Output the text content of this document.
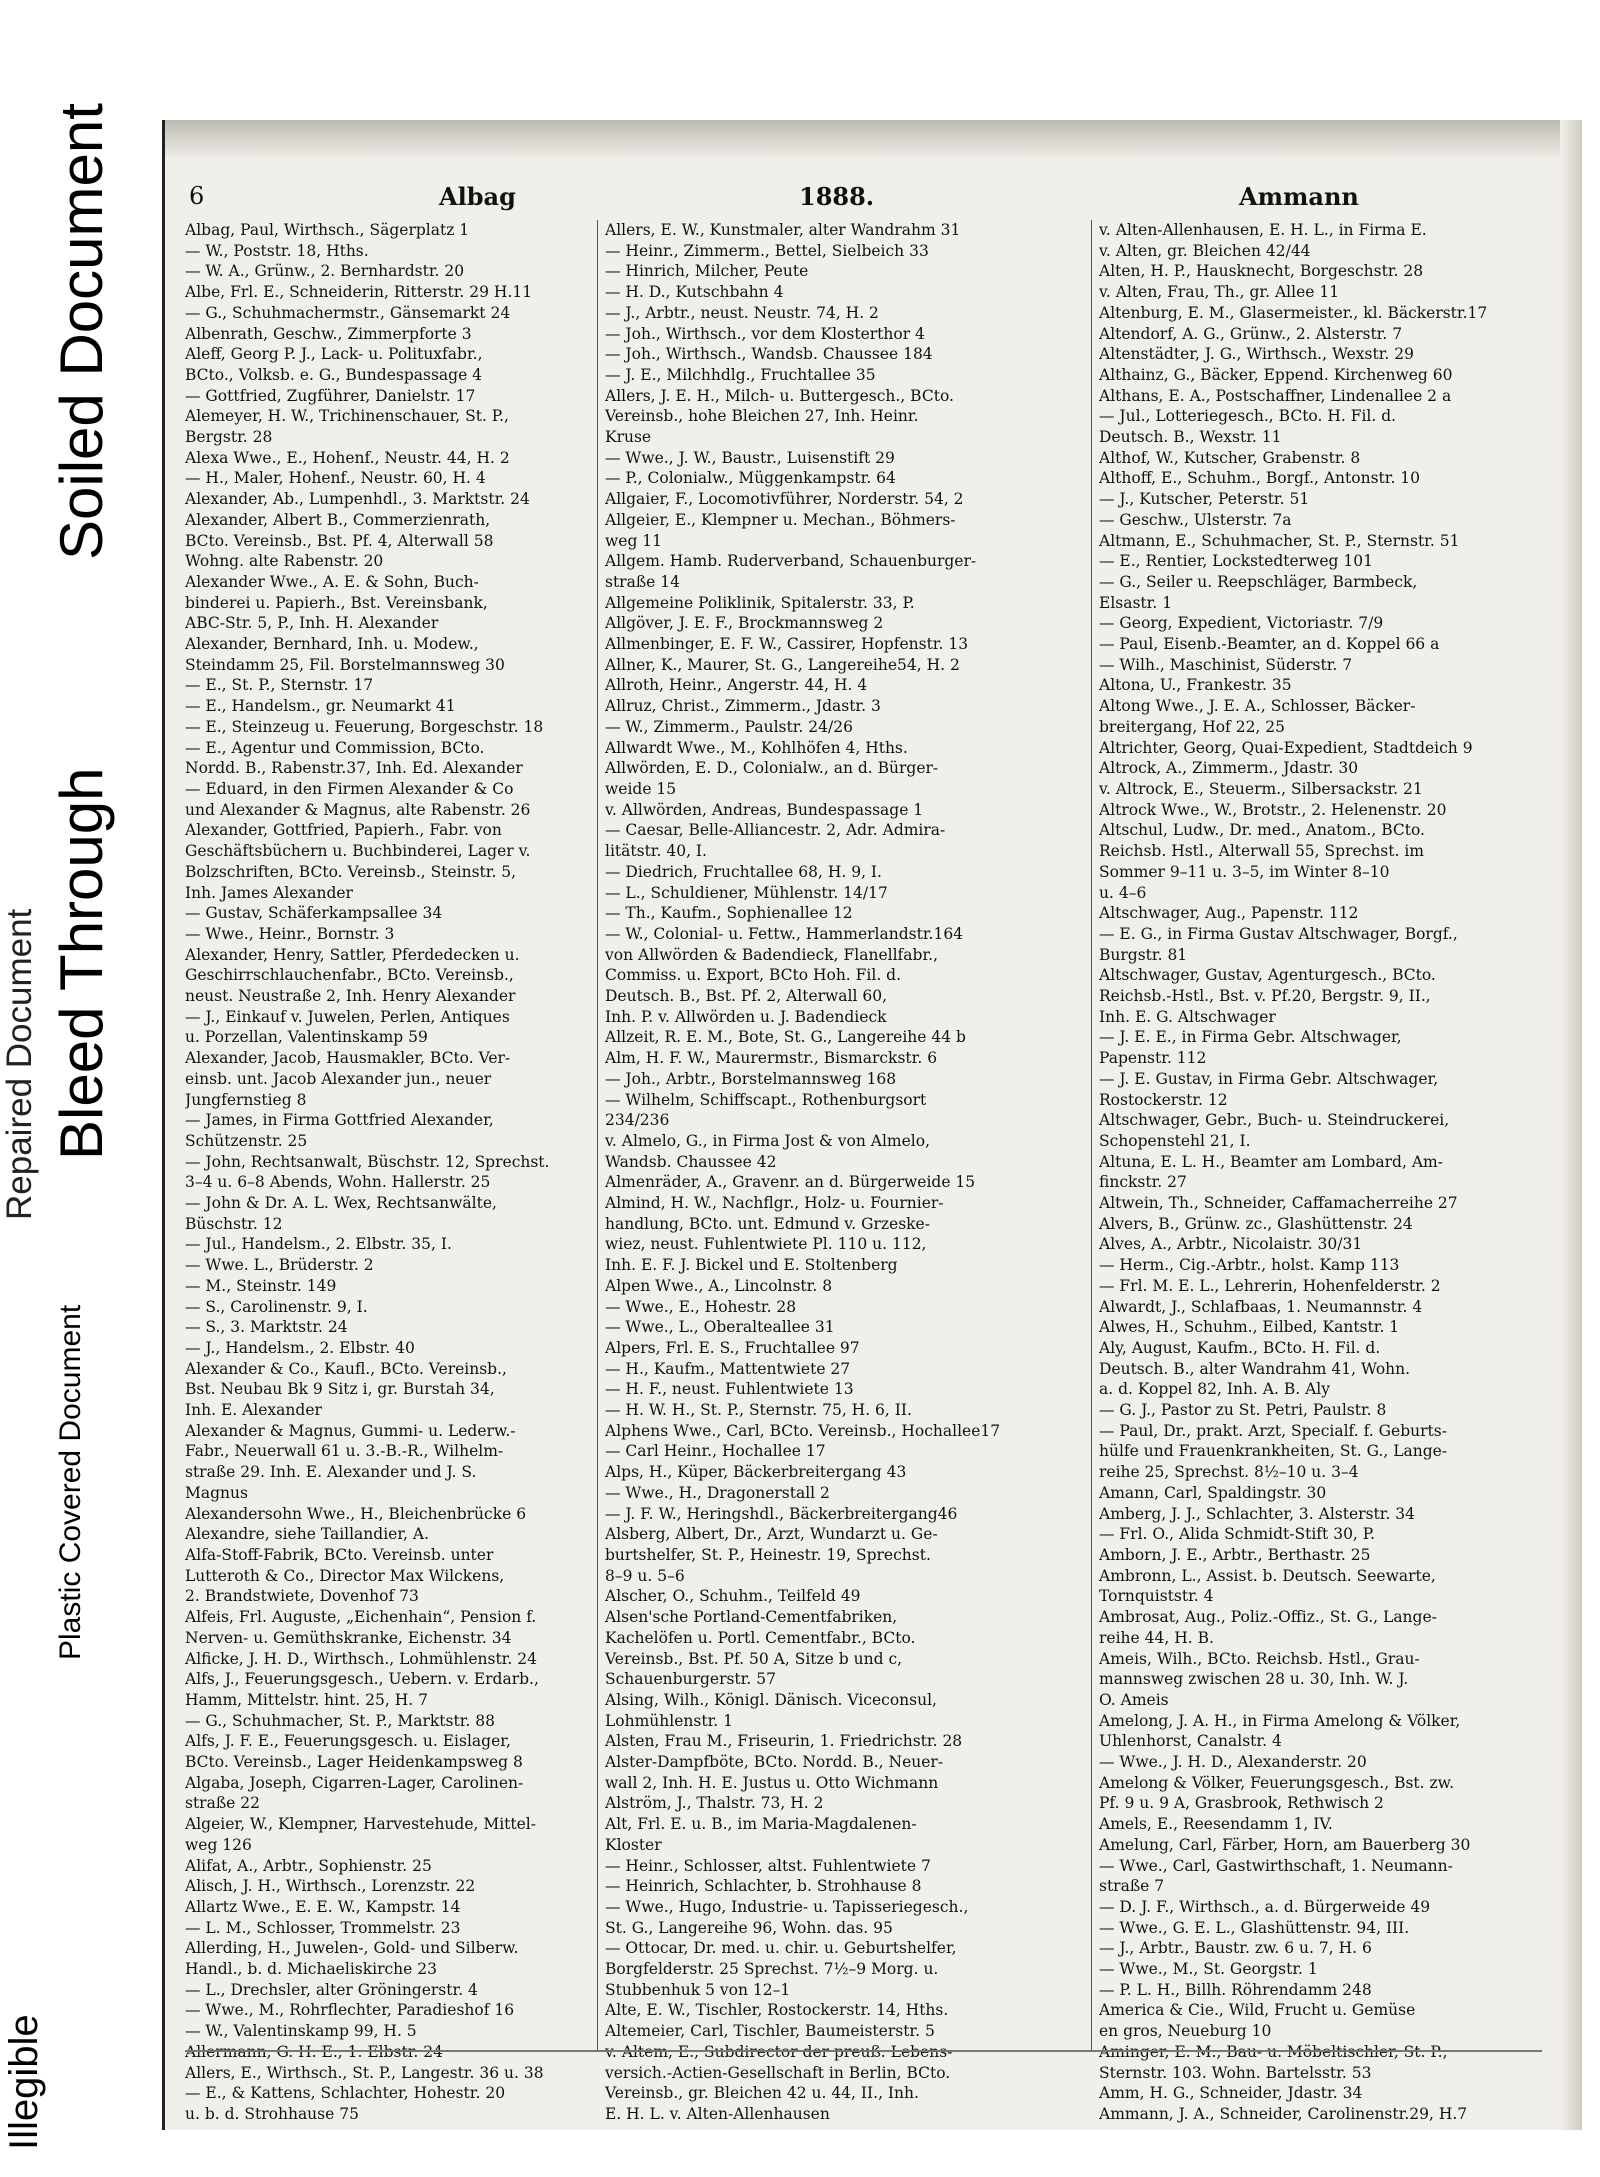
Illegible
Plastic Covered Document
Repaired Document Bleed Through
Soiled Document	6	Albag	1888.	Ammann
Albag, Paul, Wirthsch., Sägerplatz 1
— W., Poststr. 18, Hths.
— W. A., Grünw., 2. Bernhardstr. 20
Albe, Frl. E., Schneiderin, Ritterstr. 29 H.11
— G., Schuhmachermstr., Gänsemarkt 24
Albenrath, Geschw., Zimmerpforte 3
Aleff, Georg P. J., Lack- u. Polituxfabr.,
BCto., Volksb. e. G., Bundespassage 4
— Gottfried, Zugführer, Danielstr. 17
Alemeyer, H. W., Trichinenschauer, St. P.,
Bergstr. 28
Alexa Wwe., E., Hohenf., Neustr. 44, H. 2
— H., Maler, Hohenf., Neustr. 60, H. 4
Alexander, Ab., Lumpenhdl., 3. Marktstr. 24
Alexander, Albert B., Commerzienrath,
BCto. Vereinsb., Bst. Pf. 4, Alterwall 58
Wohng. alte Rabenstr. 20
Alexander Wwe., A. E. & Sohn, Buch-
binderei u. Papierh., Bst. Vereinsbank,
ABC-Str. 5, P., Inh. H. Alexander
Alexander, Bernhard, Inh. u. Modew.,
Steindamm 25, Fil. Borstelmannsweg 30
— E., St. P., Sternstr. 17
— E., Handelsm., gr. Neumarkt 41
— E., Steinzeug u. Feuerung, Borgeschstr. 18
— E., Agentur und Commission, BCto.
Nordd. B., Rabenstr.37, Inh. Ed. Alexander
— Eduard, in den Firmen Alexander & Co
und Alexander & Magnus, alte Rabenstr. 26
Alexander, Gottfried, Papierh., Fabr. von
Geschäftsbüchern u. Buchbinderei, Lager v.
Bolzschriften, BCto. Vereinsb., Steinstr. 5,
Inh. James Alexander
— Gustav, Schäferkampsallee 34
— Wwe., Heinr., Bornstr. 3
Alexander, Henry, Sattler, Pferdedecken u.
Geschirrschlauchenfabr., BCto. Vereinsb.,
neust. Neustraße 2, Inh. Henry Alexander
— J., Einkauf v. Juwelen, Perlen, Antiques
u. Porzellan, Valentinskamp 59
Alexander, Jacob, Hausmakler, BCto. Ver-
einsb. unt. Jacob Alexander jun., neuer
Jungfernstieg 8
— James, in Firma Gottfried Alexander,
Schützenstr. 25
— John, Rechtsanwalt, Büschstr. 12, Sprechst.
3–4 u. 6–8 Abends, Wohn. Hallerstr. 25
— John & Dr. A. L. Wex, Rechtsanwälte,
Büschstr. 12
— Jul., Handelsm., 2. Elbstr. 35, I.
— Wwe. L., Brüderstr. 2
— M., Steinstr. 149
— S., Carolinenstr. 9, I.
— S., 3. Marktstr. 24
— J., Handelsm., 2. Elbstr. 40
Alexander & Co., Kaufl., BCto. Vereinsb.,
Bst. Neubau Bk 9 Sitz i, gr. Burstah 34,
Inh. E. Alexander
Alexander & Magnus, Gummi- u. Lederw.-
Fabr., Neuerwall 61 u. 3.-B.-R., Wilhelm-
straße 29. Inh. E. Alexander und J. S.
Magnus
Alexandersohn Wwe., H., Bleichenbrücke 6
Alexandre, siehe Taillandier, A.
Alfa-Stoff-Fabrik, BCto. Vereinsb. unter
Lutteroth & Co., Director Max Wilckens,
2. Brandstwiete, Dovenhof 73
Alfeis, Frl. Auguste, „Eichenhain“, Pension f.
Nerven- u. Gemüthskranke, Eichenstr. 34
Alficke, J. H. D., Wirthsch., Lohmühlenstr. 24
Alfs, J., Feuerungsgesch., Uebern. v. Erdarb.,
Hamm, Mittelstr. hint. 25, H. 7
— G., Schuhmacher, St. P., Marktstr. 88
Alfs, J. F. E., Feuerungsgesch. u. Eislager,
BCto. Vereinsb., Lager Heidenkampsweg 8
Algaba, Joseph, Cigarren-Lager, Carolinen-
straße 22
Algeier, W., Klempner, Harvestehude, Mittel-
weg 126
Alifat, A., Arbtr., Sophienstr. 25
Alisch, J. H., Wirthsch., Lorenzstr. 22
Allartz Wwe., E. E. W., Kampstr. 14
— L. M., Schlosser, Trommelstr. 23
Allerding, H., Juwelen-, Gold- und Silberw.
Handl., b. d. Michaeliskirche 23
— L., Drechsler, alter Gröningerstr. 4
— Wwe., M., Rohrflechter, Paradieshof 16
— W., Valentinskamp 99, H. 5
Allers, E., Wirthsch., St. P., Langestr. 36 u. 38
— E., & Kattens, Schlachter, Hohestr. 20
u. b. d. Strohhause 75
Allers, E. W., Kunstmaler, alter Wandrahm 31
— Heinr., Zimmerm., Bettel, Sielbeich 33
— Hinrich, Milcher, Peute
— H. D., Kutschbahn 4
— J., Arbtr., neust. Neustr. 74, H. 2
— Joh., Wirthsch., vor dem Klosterthor 4
— Joh., Wirthsch., Wandsb. Chaussee 184
— J. E., Milchhdlg., Fruchtallee 35
Allers, J. E. H., Milch- u. Buttergesch., BCto.
Vereinsb., hohe Bleichen 27, Inh. Heinr.
Kruse
— Wwe., J. W., Baustr., Luisenstift 29
— P., Colonialw., Müggenkampstr. 64
Allgaier, F., Locomotivführer, Norderstr. 54, 2
Allgeier, E., Klempner u. Mechan., Böhmers-
weg 11
Allgem. Hamb. Ruderverband, Schauenburger-
straße 14
Allgemeine Poliklinik, Spitalerstr. 33, P.
Allgöver, J. E. F., Brockmannsweg 2
Allmenbinger, E. F. W., Cassirer, Hopfenstr. 13
Allner, K., Maurer, St. G., Langereihe54, H. 2
Allroth, Heinr., Angerstr. 44, H. 4
Allruz, Christ., Zimmerm., Jdastr. 3
— W., Zimmerm., Paulstr. 24/26
Allwardt Wwe., M., Kohlhöfen 4, Hths.
Allwörden, E. D., Colonialw., an d. Bürger-
weide 15
v. Allwörden, Andreas, Bundespassage 1
— Caesar, Belle-Alliancestr. 2, Adr. Admira-
litätstr. 40, I.
— Diedrich, Fruchtallee 68, H. 9, I.
— L., Schuldiener, Mühlenstr. 14/17
— Th., Kaufm., Sophienallee 12
— W., Colonial- u. Fettw., Hammerlandstr.164
von Allwörden & Badendieck, Flanellfabr.,
Commiss. u. Export, BCto Hoh. Fil. d.
Deutsch. B., Bst. Pf. 2, Alterwall 60,
Inh. P. v. Allwörden u. J. Badendieck
Allzeit, R. E. M., Bote, St. G., Langereihe 44 b
Alm, H. F. W., Maurermstr., Bismarckstr. 6
— Joh., Arbtr., Borstelmannsweg 168
— Wilhelm, Schiffscapt., Rothenburgsort
234/236
v. Almelo, G., in Firma Jost & von Almelo,
Wandsb. Chaussee 42
Almenräder, A., Gravenr. an d. Bürgerweide 15
Almind, H. W., Nachflgr., Holz- u. Fournier-
handlung, BCto. unt. Edmund v. Grzeske-
wiez, neust. Fuhlentwiete Pl. 110 u. 112,
Inh. E. F. J. Bickel und E. Stoltenberg
Alpen Wwe., A., Lincolnstr. 8
— Wwe., E., Hohestr. 28
— Wwe., L., Oberalteallee 31
Alpers, Frl. E. S., Fruchtallee 97
— H., Kaufm., Mattentwiete 27
— H. F., neust. Fuhlentwiete 13
— H. W. H., St. P., Sternstr. 75, H. 6, II.
Alphens Wwe., Carl, BCto. Vereinsb., Hochallee17
— Carl Heinr., Hochallee 17
Alps, H., Küper, Bäckerbreitergang 43
— Wwe., H., Dragonerstall 2
— J. F. W., Heringshdl., Bäckerbreitergang46
Alsberg, Albert, Dr., Arzt, Wundarzt u. Ge-
burtshelfer, St. P., Heinestr. 19, Sprechst.
8–9 u. 5–6
Alscher, O., Schuhm., Teilfeld 49
Alsen'sche Portland-Cementfabriken,
Kachelöfen u. Portl. Cementfabr., BCto.
Vereinsb., Bst. Pf. 50 A, Sitze b und c,
Schauenburgerstr. 57
Alsing, Wilh., Königl. Dänisch. Viceconsul,
Lohmühlenstr. 1
Alsten, Frau M., Friseurin, 1. Friedrichstr. 28
Alster-Dampfböte, BCto. Nordd. B., Neuer-
wall 2, Inh. H. E. Justus u. Otto Wichmann
Alström, J., Thalstr. 73, H. 2
Alt, Frl. E. u. B., im Maria-Magdalenen-
Kloster
— Heinr., Schlosser, altst. Fuhlentwiete 7
— Heinrich, Schlachter, b. Strohhause 8
— Wwe., Hugo, Industrie- u. Tapisseriegesch.,
St. G., Langereihe 96, Wohn. das. 95
— Ottocar, Dr. med. u. chir. u. Geburtshelfer,
Borgfelderstr. 25 Sprechst. 7½–9 Morg. u.
Stubbenhuk 5 von 12–1
Alte, E. W., Tischler, Rostockerstr. 14, Hths.
Altemeier, Carl, Tischler, Baumeisterstr. 5
versich.-Actien-Gesellschaft in Berlin, BCto.
Vereinsb., gr. Bleichen 42 u. 44, II., Inh.
E. H. L. v. Alten-Allenhausen
v. Alten-Allenhausen, E. H. L., in Firma E.
v. Alten, gr. Bleichen 42/44
Alten, H. P., Hausknecht, Borgeschstr. 28
v. Alten, Frau, Th., gr. Allee 11
Altenburg, E. M., Glasermeister., kl. Bäckerstr.17
Altendorf, A. G., Grünw., 2. Alsterstr. 7
Altenstädter, J. G., Wirthsch., Wexstr. 29
Althainz, G., Bäcker, Eppend. Kirchenweg 60
Althans, E. A., Postschaffner, Lindenallee 2 a
— Jul., Lotteriegesch., BCto. H. Fil. d.
Deutsch. B., Wexstr. 11
Althof, W., Kutscher, Grabenstr. 8
Althoff, E., Schuhm., Borgf., Antonstr. 10
— J., Kutscher, Peterstr. 51
— Geschw., Ulsterstr. 7a
Altmann, E., Schuhmacher, St. P., Sternstr. 51
— E., Rentier, Lockstedterweg 101
— G., Seiler u. Reepschläger, Barmbeck,
Elsastr. 1
— Georg, Expedient, Victoriastr. 7/9
— Paul, Eisenb.-Beamter, an d. Koppel 66 a
— Wilh., Maschinist, Süderstr. 7
Altona, U., Frankestr. 35
Altong Wwe., J. E. A., Schlosser, Bäcker-
breitergang, Hof 22, 25
Altrichter, Georg, Quai-Expedient, Stadtdeich 9
Altrock, A., Zimmerm., Jdastr. 30
v. Altrock, E., Steuerm., Silbersackstr. 21
Altrock Wwe., W., Brotstr., 2. Helenenstr. 20
Altschul, Ludw., Dr. med., Anatom., BCto.
Reichsb. Hstl., Alterwall 55, Sprechst. im
Sommer 9–11 u. 3–5, im Winter 8–10
u. 4–6
Altschwager, Aug., Papenstr. 112
— E. G., in Firma Gustav Altschwager, Borgf.,
Burgstr. 81
Altschwager, Gustav, Agenturgesch., BCto.
Reichsb.-Hstl., Bst. v. Pf.20, Bergstr. 9, II.,
Inh. E. G. Altschwager
— J. E. E., in Firma Gebr. Altschwager,
Papenstr. 112
— J. E. Gustav, in Firma Gebr. Altschwager,
Rostockerstr. 12
Altschwager, Gebr., Buch- u. Steindruckerei,
Schopenstehl 21, I.
Altuna, E. L. H., Beamter am Lombard, Am-
finckstr. 27
Altwein, Th., Schneider, Caffamacherreihe 27
Alvers, B., Grünw. zc., Glashüttenstr. 24
Alves, A., Arbtr., Nicolaistr. 30/31
— Herm., Cig.-Arbtr., holst. Kamp 113
— Frl. M. E. L., Lehrerin, Hohenfelderstr. 2
Alwardt, J., Schlafbaas, 1. Neumannstr. 4
Alwes, H., Schuhm., Eilbed, Kantstr. 1
Aly, August, Kaufm., BCto. H. Fil. d.
Deutsch. B., alter Wandrahm 41, Wohn.
a. d. Koppel 82, Inh. A. B. Aly
— G. J., Pastor zu St. Petri, Paulstr. 8
— Paul, Dr., prakt. Arzt, Specialf. f. Geburts-
hülfe und Frauenkrankheiten, St. G., Lange-
reihe 25, Sprechst. 8½–10 u. 3–4
Amann, Carl, Spaldingstr. 30
Amberg, J. J., Schlachter, 3. Alsterstr. 34
— Frl. O., Alida Schmidt-Stift 30, P.
Amborn, J. E., Arbtr., Berthastr. 25
Ambronn, L., Assist. b. Deutsch. Seewarte,
Tornquiststr. 4
Ambrosat, Aug., Poliz.-Offiz., St. G., Lange-
reihe 44, H. B.
Ameis, Wilh., BCto. Reichsb. Hstl., Grau-
mannsweg zwischen 28 u. 30, Inh. W. J.
O. Ameis
Amelong, J. A. H., in Firma Amelong & Völker,
Uhlenhorst, Canalstr. 4
— Wwe., J. H. D., Alexanderstr. 20
Amelong & Völker, Feuerungsgesch., Bst. zw.
Pf. 9 u. 9 A, Grasbrook, Rethwisch 2
Amels, E., Reesendamm 1, IV.
Amelung, Carl, Färber, Horn, am Bauerberg 30
— Wwe., Carl, Gastwirthschaft, 1. Neumann-
straße 7
— D. J. F., Wirthsch., a. d. Bürgerweide 49
— Wwe., G. E. L., Glashüttenstr. 94, III.
— J., Arbtr., Baustr. zw. 6 u. 7, H. 6
— Wwe., M., St. Georgstr. 1
— P. L. H., Billh. Röhrendamm 248
America & Cie., Wild, Frucht u. Gemüse
en gros, Neueburg 10
Sternstr. 103. Wohn. Bartelsstr. 53
Amm, H. G., Schneider, Jdastr. 34
Ammann, J. A., Schneider, Carolinenstr.29, H.7
